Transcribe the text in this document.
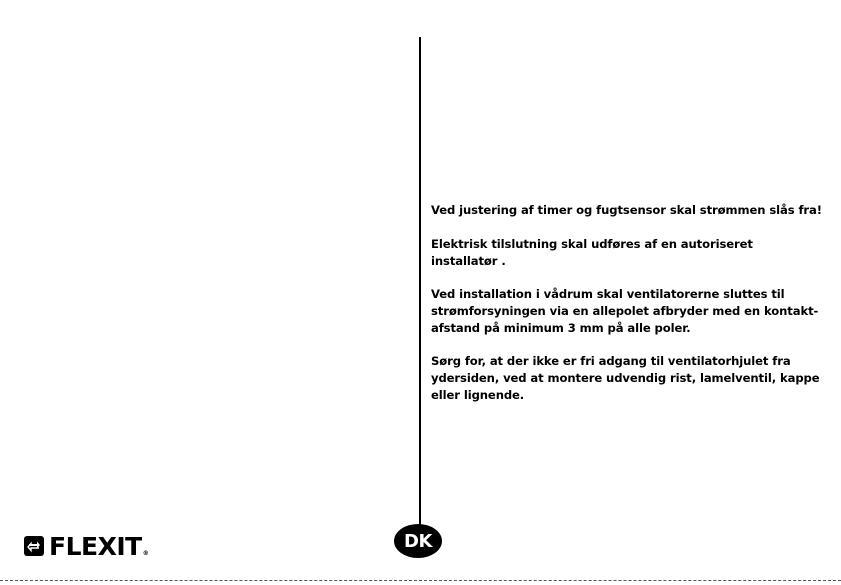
Ved justering af timer og fugtsensor skal strømmen slås fra!

Elektrisk tilslutning skal udføres af en autoriseret
installatør .

Ved installation i vådrum skal ventilatorerne sluttes til
strømforsyningen via en allepolet afbryder med en kontakt-
afstand på minimum 3 mm på alle poler.

Sørg for, at der ikke er fri adgang til ventilatorhjulet fra
ydersiden, ved at montere udvendig rist, lamelventil, kappe
eller lignende.

FLEXIT ®
DK
